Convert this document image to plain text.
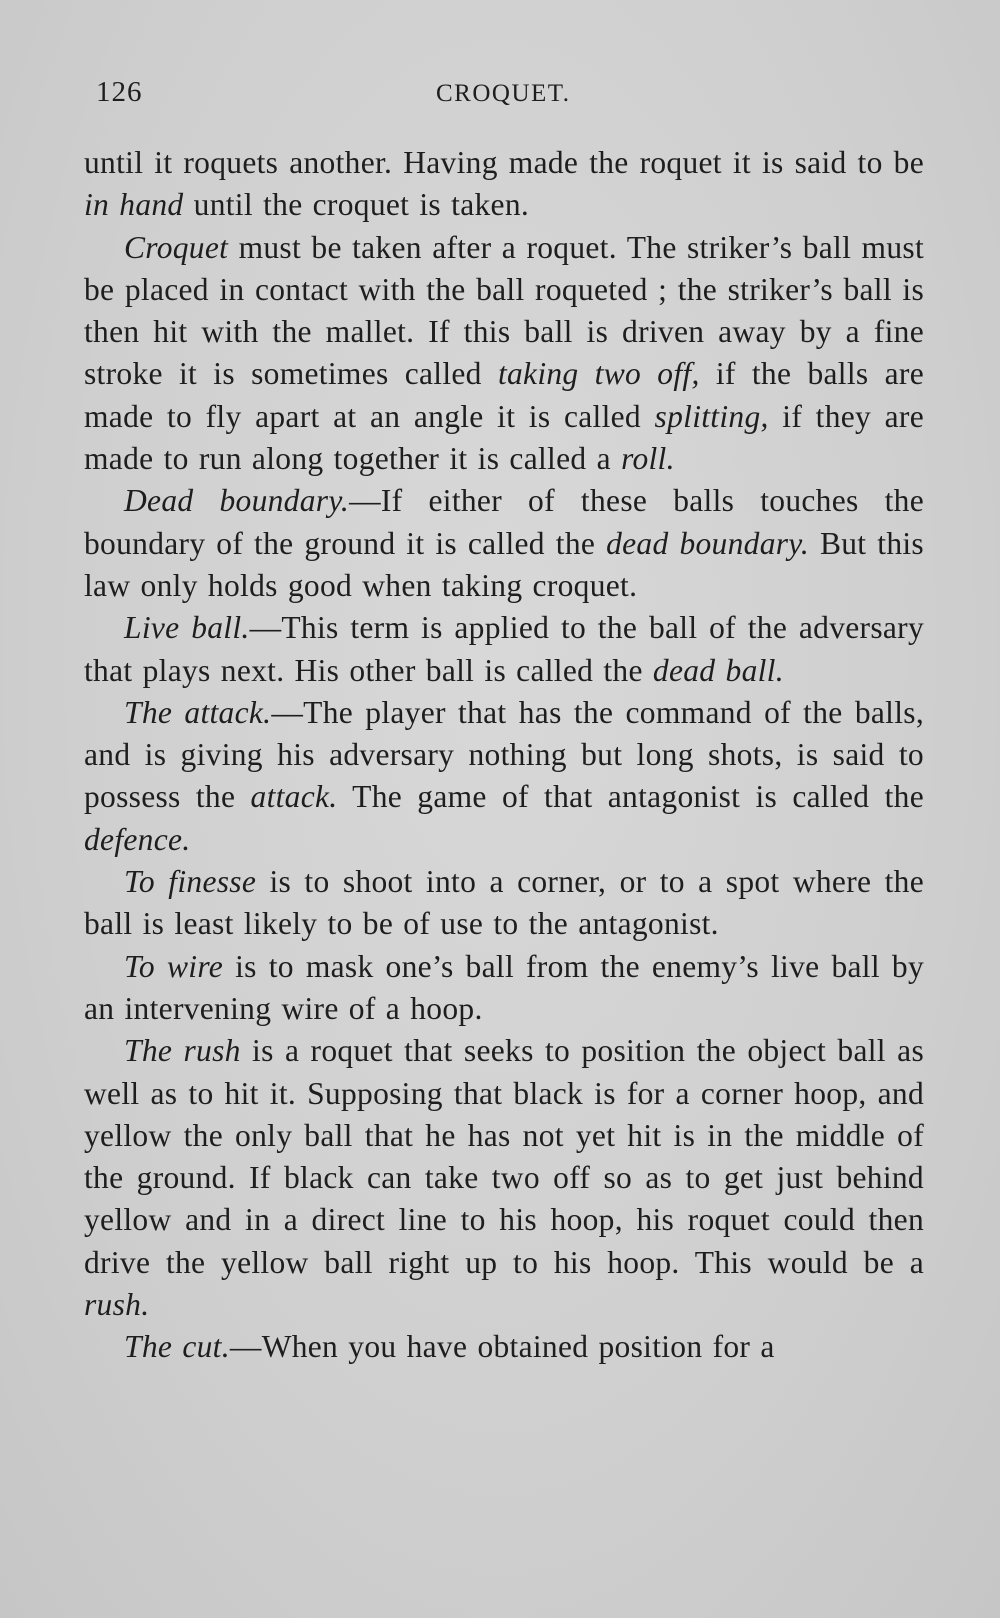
126	CROQUET.

until it roquets another. Having made the roquet it is said to be in hand until the croquet is taken.

Croquet must be taken after a roquet. The striker’s ball must be placed in contact with the ball roqueted ; the striker’s ball is then hit with the mallet. If this ball is driven away by a fine stroke it is sometimes called taking two off, if the balls are made to fly apart at an angle it is called splitting, if they are made to run along together it is called a roll.

Dead boundary.—If either of these balls touches the boundary of the ground it is called the dead boundary. But this law only holds good when taking croquet.

Live ball.—This term is applied to the ball of the adversary that plays next. His other ball is called the dead ball.

The attack.—The player that has the command of the balls, and is giving his adversary nothing but long shots, is said to possess the attack. The game of that antagonist is called the defence.

To finesse is to shoot into a corner, or to a spot where the ball is least likely to be of use to the antagonist.

To wire is to mask one’s ball from the enemy’s live ball by an intervening wire of a hoop.

The rush is a roquet that seeks to position the object ball as well as to hit it. Supposing that black is for a corner hoop, and yellow the only ball that he has not yet hit is in the middle of the ground. If black can take two off so as to get just behind yellow and in a direct line to his hoop, his roquet could then drive the yellow ball right up to his hoop. This would be a rush.

The cut.—When you have obtained position for a
